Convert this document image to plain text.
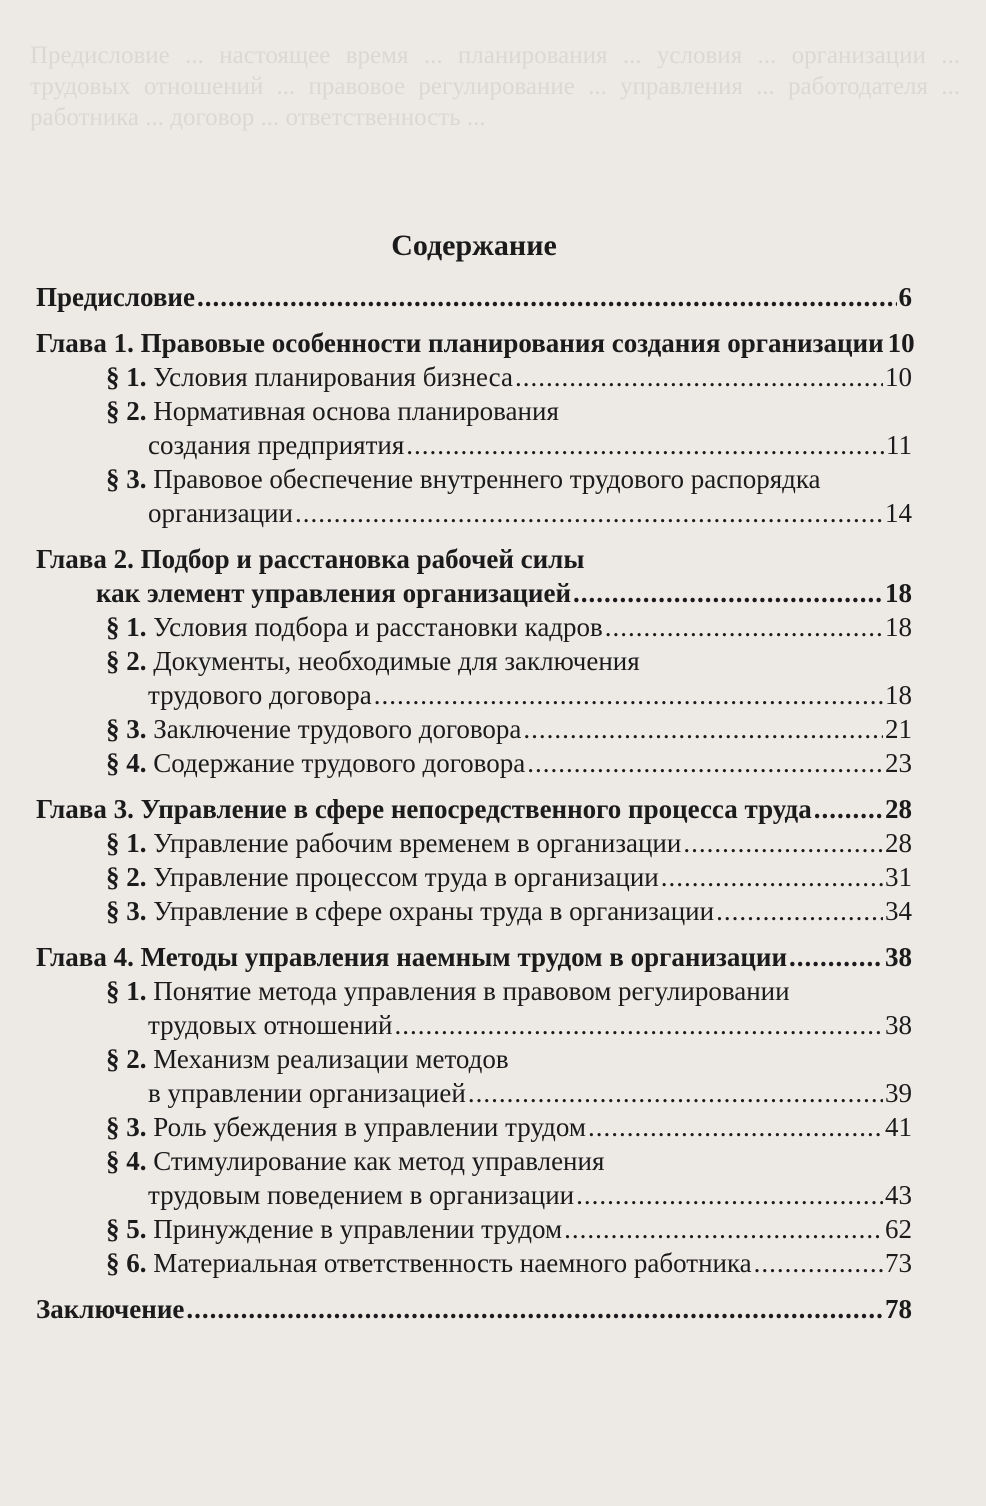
Предисловие ... настоящее время ... планирования ... условия ... организации ... трудовых отношений ... правовое регулирование ... управления ... работодателя ... работника ... договор ... ответственность ...
Содержание
Предисловие .....	6
Глава 1. Правовые особенности планирования создания организации 10
§ 1. Условия планирования бизнеса .....	10
§ 2. Нормативная основа планирования
создания предприятия .....	11
§ 3. Правовое обеспечение внутреннего трудового распорядка
организации .....	14
Глава 2. Подбор и расстановка рабочей силы
как элемент управления организацией .....	18
§ 1. Условия подбора и расстановки кадров .....	18
§ 2. Документы, необходимые для заключения
трудового договора .....	18
§ 3. Заключение трудового договора .....	21
§ 4. Содержание трудового договора .....	23
Глава 3. Управление в сфере непосредственного процесса труда .....	28
§ 1. Управление рабочим временем в организации .....	28
§ 2. Управление процессом труда в организации .....	31
§ 3. Управление в сфере охраны труда в организации .....	34
Глава 4. Методы управления наемным трудом в организации .....	38
§ 1. Понятие метода управления в правовом регулировании
трудовых отношений .....	38
§ 2. Механизм реализации методов
в управлении организацией .....	39
§ 3. Роль убеждения в управлении трудом .....	41
§ 4. Стимулирование как метод управления
трудовым поведением в организации .....	43
§ 5. Принуждение в управлении трудом .....	62
§ 6. Материальная ответственность наемного работника .....	73
Заключение .....	78
